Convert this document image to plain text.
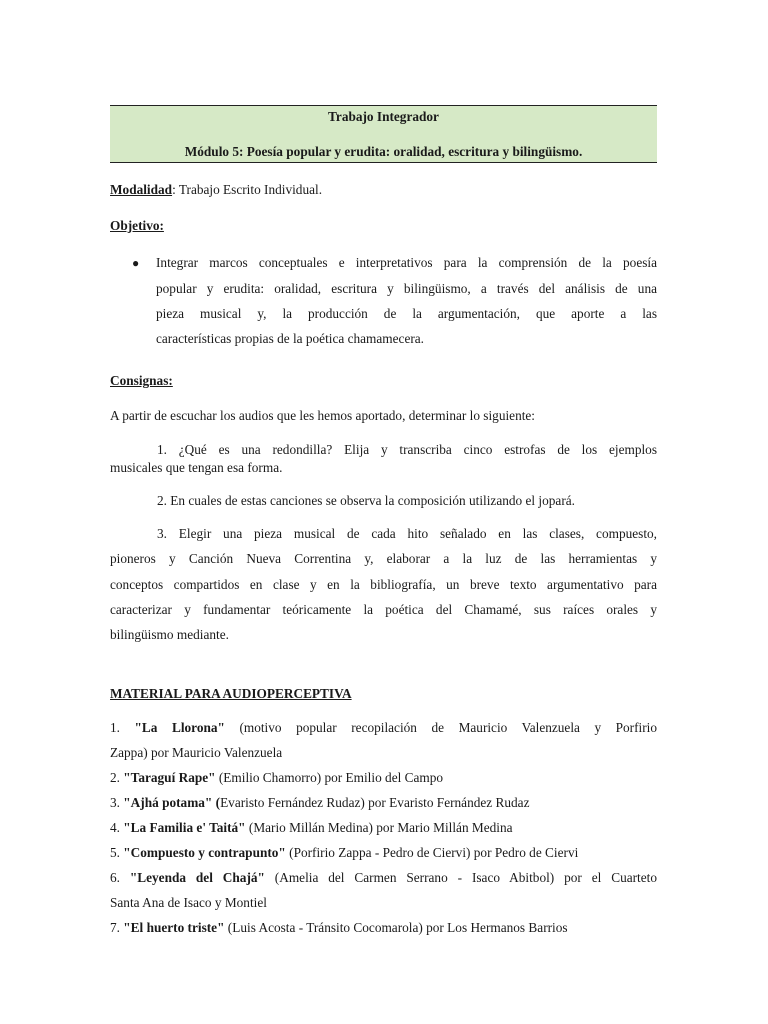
Trabajo Integrador
Módulo 5: Poesía popular y erudita: oralidad, escritura y bilingüismo.
Modalidad: Trabajo Escrito Individual.
Objetivo:
● Integrar marcos conceptuales e interpretativos para la comprensión de la poesía
popular y erudita: oralidad, escritura y bilingüismo, a través del análisis de una
pieza musical y, la producción de la argumentación, que aporte a las
características propias de la poética chamamecera.
Consignas:
A partir de escuchar los audios que les hemos aportado, determinar lo siguiente:
1. ¿Qué es una redondilla? Elija y transcriba cinco estrofas de los ejemplos
musicales que tengan esa forma.
2. En cuales de estas canciones se observa la composición utilizando el jopará.
3. Elegir una pieza musical de cada hito señalado en las clases, compuesto,
pioneros y Canción Nueva Correntina y, elaborar a la luz de las herramientas y
conceptos compartidos en clase y en la bibliografía, un breve texto argumentativo para
caracterizar y fundamentar teóricamente la poética del Chamamé, sus raíces orales y
bilingüismo mediante.
MATERIAL PARA AUDIOPERCEPTIVA
1. "La Llorona" (motivo popular recopilación de Mauricio Valenzuela y Porfirio
Zappa) por Mauricio Valenzuela
2. "Taraguí Rape" (Emilio Chamorro) por Emilio del Campo
3. "Ajhá potama" (Evaristo Fernández Rudaz) por Evaristo Fernández Rudaz
4. "La Familia e' Taitá" (Mario Millán Medina) por Mario Millán Medina
5. "Compuesto y contrapunto" (Porfirio Zappa - Pedro de Ciervi) por Pedro de Ciervi
6. "Leyenda del Chajá" (Amelia del Carmen Serrano - Isaco Abitbol) por el Cuarteto
Santa Ana de Isaco y Montiel
7. "El huerto triste" (Luis Acosta - Tránsito Cocomarola) por Los Hermanos Barrios
